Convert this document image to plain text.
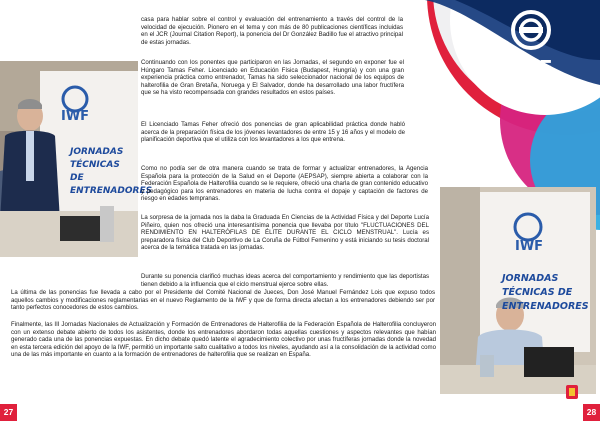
IWF
IWF
JORNADAS TÉCNICAS DE ENTRENADORES
IWF
JORNADAS TÉCNICAS DE ENTRENADORES

casa para hablar sobre el control y evaluación del entrenamiento a través del control de la velocidad de ejecución. Pionero en el tema y con más de 80 publicaciones científicas incluidas en el JCR (Journal Citation Report), la ponencia del Dr González Badillo fue el atractivo principal de estas jornadas.

Continuando con los ponentes que participaron en las Jornadas, el segundo en exponer fue el Húngaro Tamas Feher. Licenciado en Educación Física (Budapest, Hungría) y con una gran experiencia práctica como entrenador, Tamas ha sido seleccionador nacional de los equipos de halterofilia de Gran Bretaña, Noruega y El Salvador, donde ha desarrollado una labor fructífera que se ha visto recompensada con grandes resultados en estos países.

El Licenciado Tamas Feher ofreció dos ponencias de gran aplicabilidad práctica donde habló acerca de la preparación física de los jóvenes levantadores de entre 15 y 16 años y el modelo de planificación deportiva que el utiliza con los levantadores a los que entrena.

Como no podía ser de otra manera cuando se trata de formar y actualizar entrenadores, la Agencia Española para la protección de la Salud en el Deporte (AEPSAP), siempre abierta a colaborar con la Federación Española de Halterofilia cuando se le requiere, ofreció una charla de gran contenido educativo y pedagógico para los entrenadores en materia de lucha contra el dopaje y captación de factores de riesgo en edades tempranas.

La sorpresa de la jornada nos la daba la Graduada En Ciencias de la Actividad Física y del Deporte Lucía Piñeiro, quien nos ofreció una interesantísima ponencia que llevaba por título "FLUCTUACIONES DEL RENDIMIENTO EN HALTERÓFILAS DE ÉLITE DURANTE EL CICLO MENSTRUAL". Lucía es preparadora física del Club Deportivo de La Coruña de Fútbol Femenino y está iniciando su tesis doctoral acerca de la temática tratada en las jornadas.

Durante su ponencia clarificó muchas ideas acerca del comportamiento y rendimiento que las deportistas tienen debido a la influencia que el ciclo menstrual ejerce sobre ellas.

La última de las ponencias fue llevada a cabo por el Presidente del Comité Nacional de Jueces, Don José Manuel Fernández Lois que expuso todos aquellos cambios y modificaciones reglamentarias en el nuevo Reglamento de la IWF y que de forma directa afectan a los entrenadores debiendo ser por tanto perfectos conocedores de estos cambios.

Finalmente, las III Jornadas Nacionales de Actualización y Formación de Entrenadores de Halterofilia de la Federación Española de Halterofilia concluyeron con un extenso debate abierto de todos los asistentes, donde los entrenadores abordaron todas aquellas cuestiones y aspectos relevantes que habían generado cada una de las ponencias expuestas. En dicho debate quedó latente el agradecimiento colectivo por unas fructíferas jornadas donde la novedad en esta tercera edición del apoyo de la IWF, permitió un importante salto cualitativo a todos los niveles, ayudando así a la consolidación de la actividad como una de las más importante en cuanto a la formación de entrenadores de halterofilia que se realizan en España.

27	28
